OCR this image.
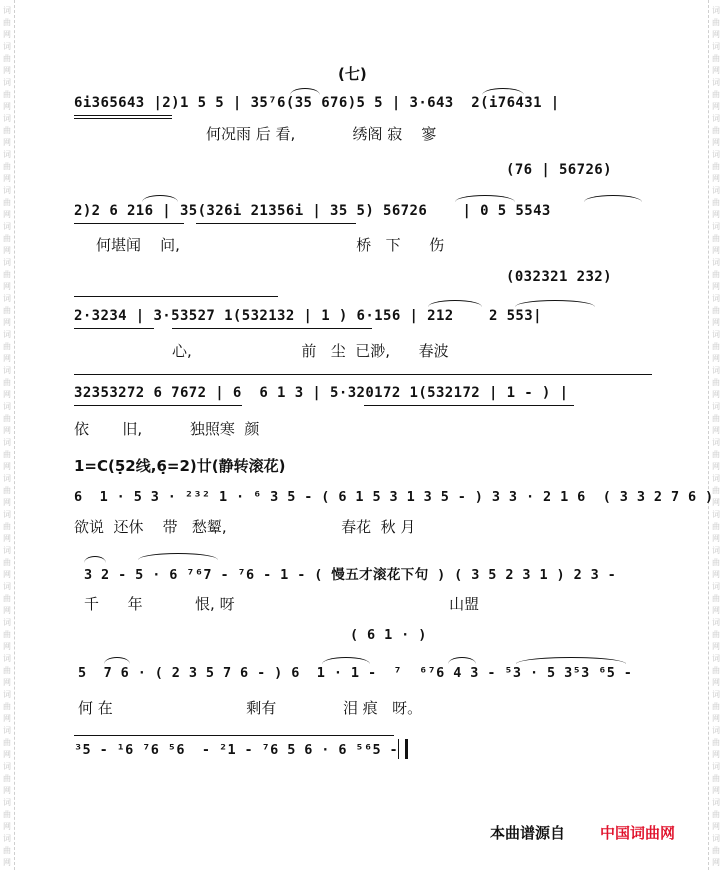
词
曲
网
词
曲
网
词
曲
网
词
曲
网
词
曲
网
词
曲
网
词
曲
网
词
曲
网
词
曲
网
词
曲
网
词
曲
网
词
曲
网
词
曲
网
词
曲
网
词
曲
网
词
曲
网
词
曲
网
词
曲
网
词
曲
网
词
曲
网
词
曲
网
词
曲
网
词
曲
网
词
曲
网
词
曲
网
词
曲
网
词
曲
网
词
曲
网
词
曲
网
词
曲
网
词
曲
网
词
曲
网
词
曲
网
词
曲
网
词
曲
网
词
曲
网
词
曲
网
词
曲
网
词
曲
网
词
曲
网
词
曲
网
词
曲
网
词
曲
网
词
曲
网
词
曲
网
词
曲
网
词
曲
网
词
曲
网
(七)
6i365643 |2)1 5 5 | 35⁷6(35 676)5 5 | 3·643  2(i76431 |
何况雨 后 看,            绣阁 寂    寥
(76 | 56726)
2)2 6 216 | 35(326i 21356i | 35 5) 56726    | 0 5 5543
何堪闻    问,                                     桥   下      伤
(032321 232)
2·3234 | 3·53527 1(532132 | 1 ) 6·156 | 212    2 553|
心,                       前   尘  已渺,      春波
32353272 6 7672 | 6  6 1 3 | 5·320172 1(532172 | 1 - ) |
依       旧,          独照寒  颜
1=C(5̣2线,6̣=2)廿(静转滚花)
6  1 · 5 3 · ²³² 1 · ⁶ 3 5 - ( 6 1 5 3 1 3 5 - ) 3 3 · 2 1 6  ( 3 3 2 7 6 )
欲说  还休    带   愁颦,                        春花  秋 月
3 2 - 5 · 6 ⁷⁶7 - ⁷6 - 1 - ( 慢五才滚花下句 ) ( 3 5 2 3 1 ) 2 3 -
千      年           恨, 呀                                             山盟
( 6 1 · )
5  7 6 · ( 2 3 5 7 6 - ) 6  1 · 1 -  ⁷  ⁶⁷6 4 3 - ⁵3 · 5 3⁵3 ⁶5 -
何 在                            剩有              泪 痕   呀。
³5 - ¹6 ⁷6 ⁵6  - ²1 - ⁷6 5 6 · 6 ⁵⁶5 -
本曲谱源自 中国词曲网
